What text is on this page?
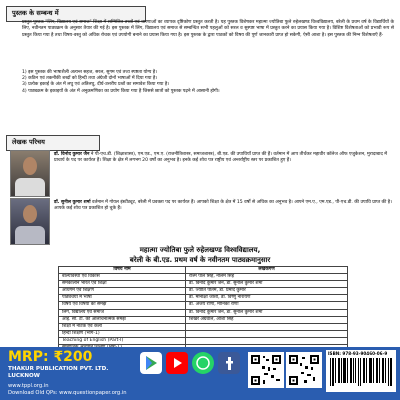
पुस्तक के सम्बन्ध में

प्रस्तुत पुस्तक "लिंग, विद्यालय एवं समाज" शिक्षा में सम्मिलित तथ्यों एवं धारणाओं का व्यापक दृष्टिकोण प्रस्तुत करती है। यह पुस्तक विशेषकर महात्मा ज्योतिबा फुले रुहेलखण्ड विश्वविद्यालय, बरेली के प्रथम वर्ष के विद्यार्थियों के लिए, नवीनतम पाठ्यक्रम के अनुसार तैयार की गई है। इस पुस्तक में लिंग, विद्यालय एवं समाज से सम्बन्धित सभी पहलुओं को सरल व सुस्पष्ट भाषा में प्रस्तुत करने का प्रयास किया गया है। विशिष्ट विशेषताओं को प्रभावी रूप से प्रस्तुत किया गया है तथा विषय-वस्तु को अधिक रोचक एवं उपयोगी बनाने का प्रयास किया गया है। इस पुस्तक के द्वारा पाठकों को विषय की पूर्ण जानकारी प्राप्त हो सकेगी, ऐसी आशा है। इस पुस्तक की निम्न विशेषताएँ हैं-

1) इस पुस्तक की भाषाशैली अत्यन्त सहज, सरल, सुगम एवं तथ्य स्पष्टता योग्य है।
2) कठिन एवं तकनीकी शब्दों को हिन्दी तथा अंग्रेजी दोनों भाषाओं में दिया गया है।
3) प्रत्येक इकाई के अंत में लघु एवं अतिलघु, दीर्घ-उत्तरीय प्रश्नों का समावेश किया गया है।
4) पाठ्यक्रम के इकाइयों के अंत में अनुक्रमणिका का प्रयोग किया गया है जिससे छात्रों को पुस्तक पढ़ने में आसानी होगी।
लेखक परिचय
डॉ. विनोद कुमार जैन ने पी-एच.डी. (शिक्षाशास्त्र), एम.एड., एम.ए. (राजनीतिशास्त्र, समाजशास्त्र), बी.एड. की उपाधियाँ प्राप्त की हैं। वर्तमान में आप तीर्थंकर महावीर कॉलेज ऑफ एजुकेशन, मुरादाबाद में प्राचार्य के पद पर कार्यरत हैं। शिक्षा के क्षेत्र में लगभग 20 वर्षों का अनुभव है। इनके कई शोध पत्र राष्ट्रीय एवं अन्तर्राष्ट्रीय स्तर पर प्रकाशित हुए हैं।
डॉ. सुनील कुमार शर्मा वर्तमान में गोयल इंस्टीट्यूट, बरेली में प्रवक्ता पद पर कार्यरत हैं। आपको शिक्षा के क्षेत्र में 15 वर्षों से अधिक का अनुभव है। आपने एम.ए., एम.एड., पी-एच.डी. की उपाधि प्राप्त की है। आपके कई शोध पत्र प्रकाशित हो चुके हैं।
महात्मा ज्योतिबा फुले रुहेलखण्ड विश्वविद्यालय,
बरेली के बी.एड. प्रथम वर्ष के नवीनतम पाठ्यक्रमानुसार
विषय नाम	लेखकगण
बाल्यावस्था एवं विकास	रश्मि पाल सिंह, नीलम सिंह
समकालीन भारत एवं शिक्षा	डॉ. विनोद कुमार जैन, डॉ. सुनील कुमार शर्मा
अधिगम एवं शिक्षण	डॉ. ज्योति पीतम, डॉ. प्रमोद कुमार
पाठ्यचर्या में भाषा	डॉ. मीनाक्षी जोशी, डॉ. विष्णु नारायण
विषय एवं विषयों की समझ	डॉ. अजय राणा, मोनिका राणा
लिंग, विद्यालय एवं समाज	डॉ. विनोद कुमार जैन, डॉ. सुनील कुमार शर्मा
आई. सी. टी. की आलोचनात्मक समझ	शिखर अग्रवाल, आशा सिंह
शिक्षा में नाटक एवं कला	
हिन्दी शिक्षण (भाग-1)	
Teaching of English (Part-I)	

MRP: ₹200
THAKUR PUBLICATION PVT. LTD.
LUCKNOW
www.tppl.org.in
Download Old QPs: www.questionpaper.org.in
ISBN: 978-93-90460-06-9
